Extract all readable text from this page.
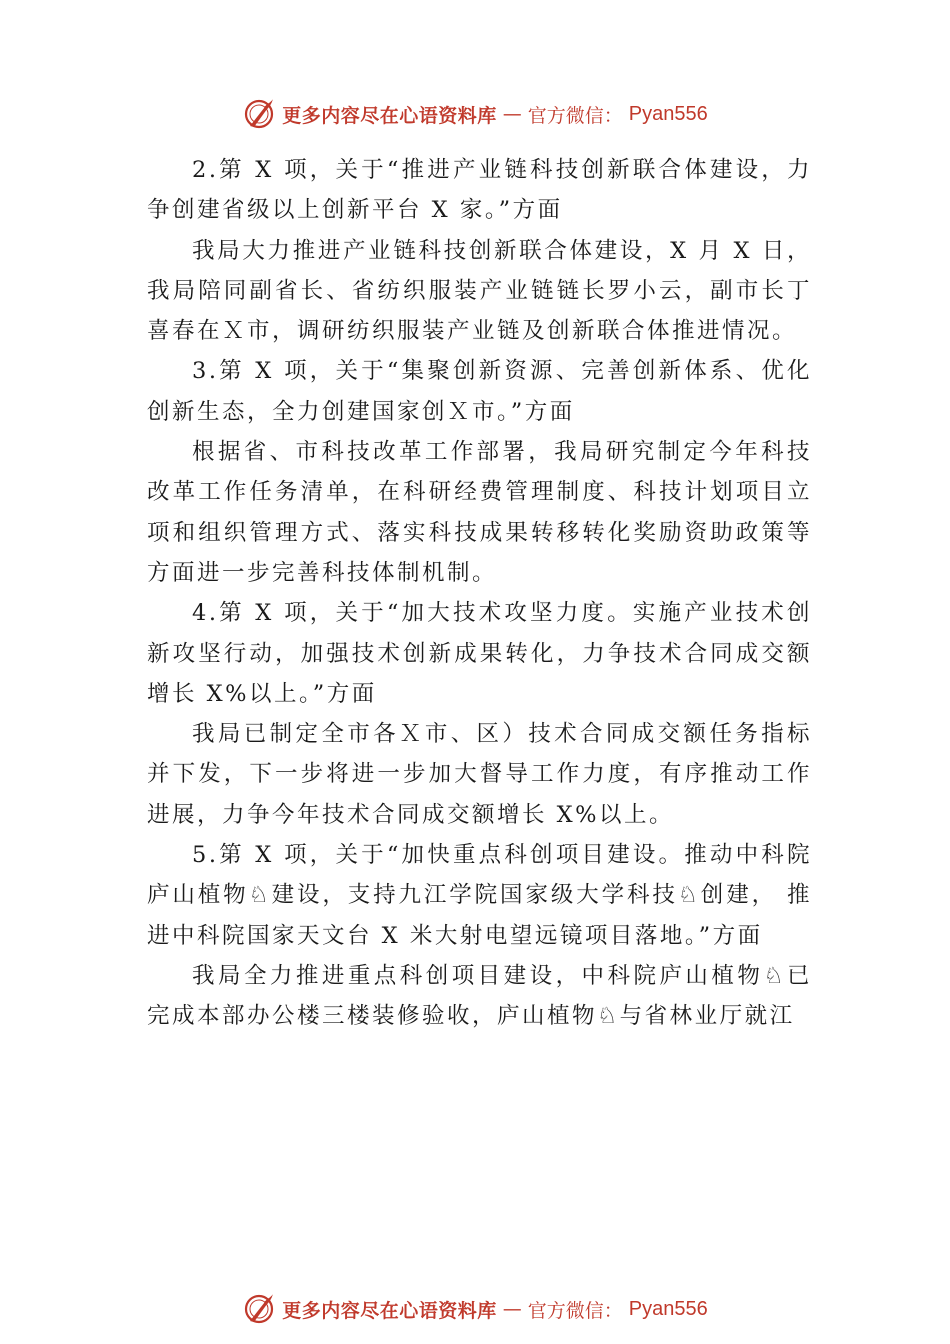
更多内容尽在心语资料库 — 官方微信： Pyan556

2.第 X 项，关于“推进产业链科技创新联合体建设，力争创建省级以上创新平台 X 家。”方面

我局大力推进产业链科技创新联合体建设，X 月 X 日，我局陪同副省长、省纺织服装产业链链长罗小云，副市长丁喜春在Ｘ市，调研纺织服装产业链及创新联合体推进情况。

3.第 X 项，关于“集聚创新资源、完善创新体系、优化创新生态，全力创建国家创Ｘ市。”方面

根据省、市科技改革工作部署，我局研究制定今年科技改革工作任务清单，在科研经费管理制度、科技计划项目立项和组织管理方式、落实科技成果转移转化奖励资助政策等方面进一步完善科技体制机制。

4.第 X 项，关于“加大技术攻坚力度。实施产业技术创新攻坚行动，加强技术创新成果转化，力争技术合同成交额增长 X%以上。”方面

我局已制定全市各Ｘ市、区）技术合同成交额任务指标并下发，下一步将进一步加大督导工作力度，有序推动工作进展，力争今年技术合同成交额增长 X%以上。

5.第 X 项，关于“加快重点科创项目建设。推动中科院庐山植物♘建设，支持九江学院国家级大学科技♘创建， 推进中科院国家天文台 X 米大射电望远镜项目落地。”方面

我局全力推进重点科创项目建设，中科院庐山植物♘已完成本部办公楼三楼装修验收，庐山植物♘与省林业厅就江

更多内容尽在心语资料库 — 官方微信： Pyan556
